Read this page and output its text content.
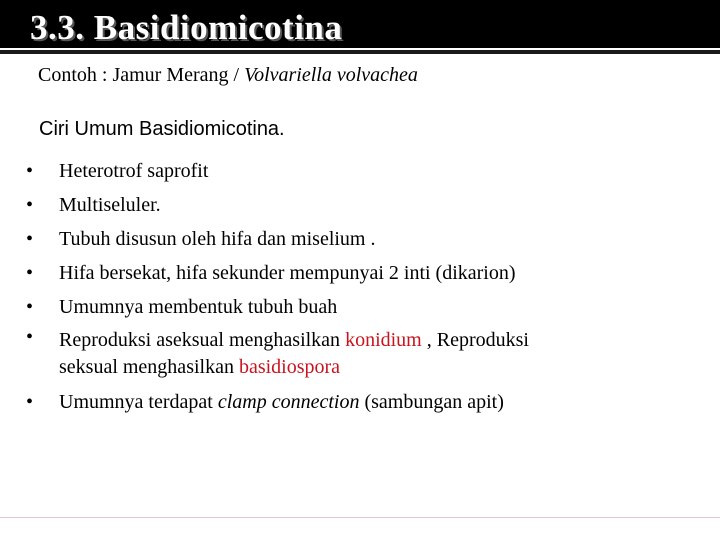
3.3. Basidiomicotina
Contoh : Jamur Merang / Volvariella volvachea
Ciri Umum Basidiomicotina.
• Heterotrof saprofit
• Multiseluler.
• Tubuh disusun oleh hifa dan miselium .
• Hifa bersekat, hifa sekunder mempunyai 2 inti (dikarion)
• Umumnya membentuk tubuh buah
• Reproduksi aseksual menghasilkan konidium , Reproduksi
seksual menghasilkan basidiospora
• Umumnya terdapat clamp connection (sambungan apit)
